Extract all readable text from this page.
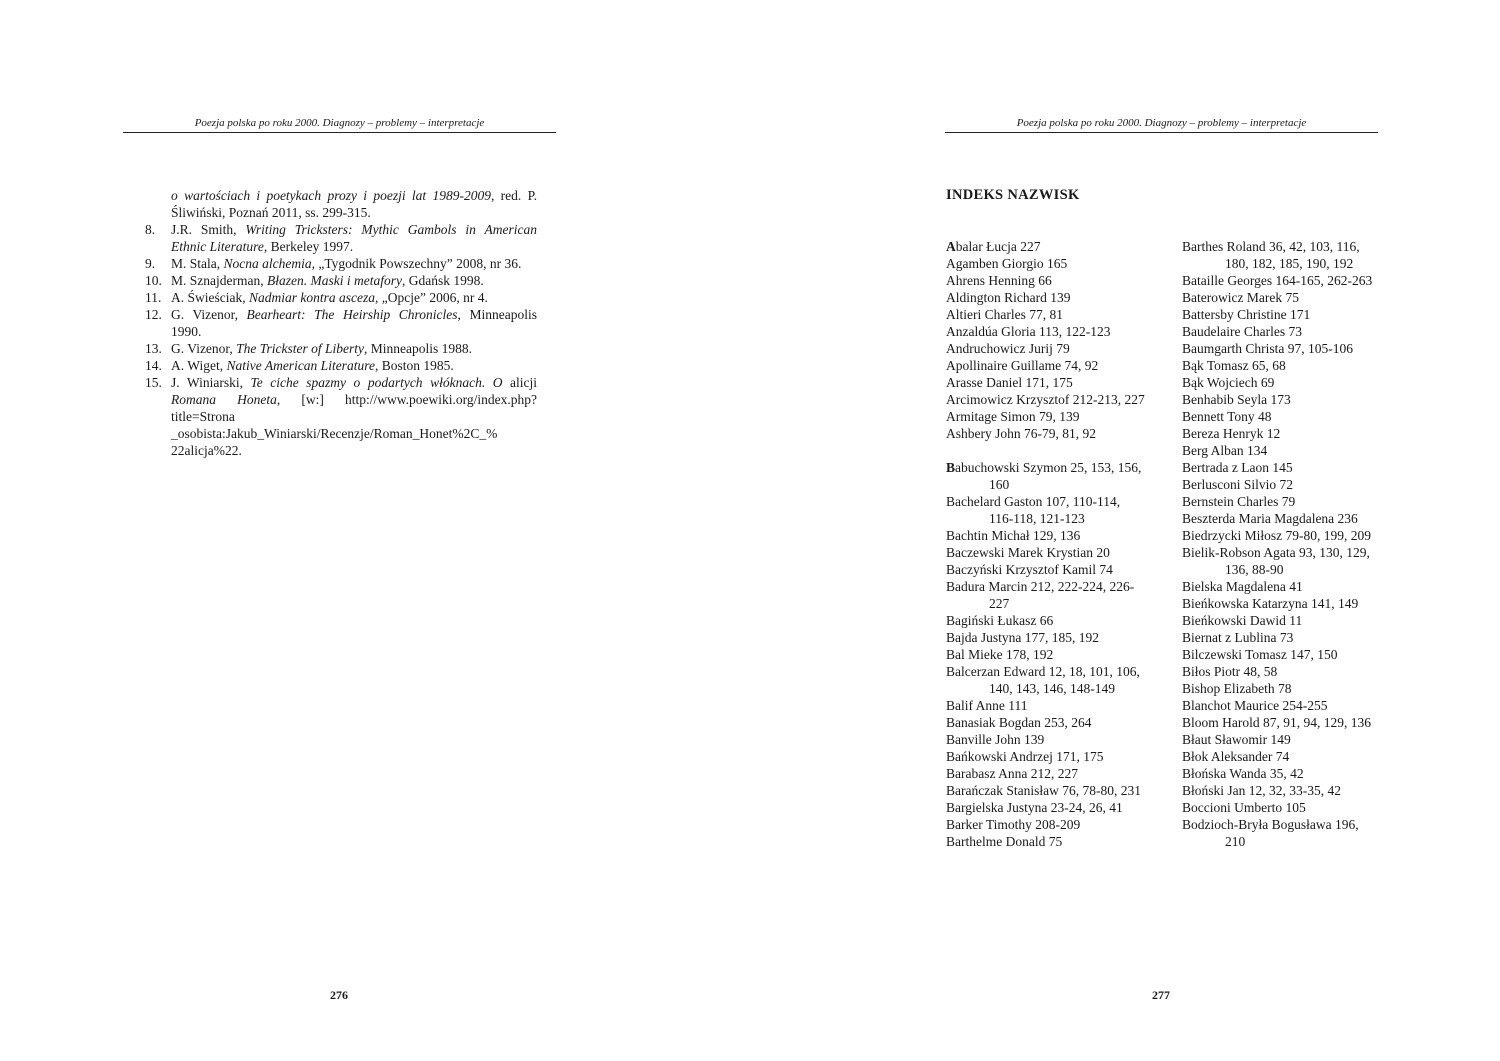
Poezja polska po roku 2000. Diagnozy – problemy – interpretacje
o wartościach i poetykach prozy i poezji lat 1989-2009, red. P. Śliwiński, Poznań 2011, ss. 299-315.
8. J.R. Smith, Writing Tricksters: Mythic Gambols in American Ethnic Literature, Berkeley 1997.
9. M. Stala, Nocna alchemia, „Tygodnik Powszechny” 2008, nr 36.
10. M. Sznajderman, Błazen. Maski i metafory, Gdańsk 1998.
11. A. Świeściak, Nadmiar kontra asceza, „Opcje” 2006, nr 4.
12. G. Vizenor, Bearheart: The Heirship Chronicles, Minneapolis 1990.
13. G. Vizenor, The Trickster of Liberty, Minneapolis 1988.
14. A. Wiget, Native American Literature, Boston 1985.
15. J. Winiarski, Te ciche spazmy o podartych włóknach. O alicji Romana Honeta, [w:] http://www.poewiki.org/index.php?title=Strona _osobista:Jakub_Winiarski/Recenzje/Roman_Honet%2C_% 22alicja%22.
276
Poezja polska po roku 2000. Diagnozy – problemy – interpretacje
INDEKS NAZWISK
Abalar Łucja 227
Agamben Giorgio 165
Ahrens Henning 66
Aldington Richard 139
Altieri Charles 77, 81
Anzaldúa Gloria 113, 122-123
Andruchowicz Jurij 79
Apollinaire Guillame 74, 92
Arasse Daniel 171, 175
Arcimowicz Krzysztof 212-213, 227
Armitage Simon 79, 139
Ashbery John 76-79, 81, 92
Babuchowski Szymon 25, 153, 156, 160
Bachelard Gaston 107, 110-114, 116-118, 121-123
Bachtin Michał 129, 136
Baczewski Marek Krystian 20
Baczyński Krzysztof Kamil 74
Badura Marcin 212, 222-224, 226-227
Bagiński Łukasz 66
Bajda Justyna 177, 185, 192
Bal Mieke 178, 192
Balcerzan Edward 12, 18, 101, 106, 140, 143, 146, 148-149
Balif Anne 111
Banasiak Bogdan 253, 264
Banville John 139
Bańkowski Andrzej 171, 175
Barabasz Anna 212, 227
Barańczak Stanisław 76, 78-80, 231
Bargielska Justyna 23-24, 26, 41
Barker Timothy 208-209
Barthelme Donald 75
Barthes Roland 36, 42, 103, 116, 180, 182, 185, 190, 192
Bataille Georges 164-165, 262-263
Baterowicz Marek 75
Battersby Christine 171
Baudelaire Charles 73
Baumgarth Christa 97, 105-106
Bąk Tomasz 65, 68
Bąk Wojciech 69
Benhabib Seyla 173
Bennett Tony 48
Bereza Henryk 12
Berg Alban 134
Bertrada z Laon 145
Berlusconi Silvio 72
Bernstein Charles 79
Beszterda Maria Magdalena 236
Biedrzycki Miłosz 79-80, 199, 209
Bielik-Robson Agata 93, 130, 129, 136, 88-90
Bielska Magdalena 41
Bieńkowska Katarzyna 141, 149
Bieńkowski Dawid 11
Biernat z Lublina 73
Bilczewski Tomasz 147, 150
Biłos Piotr 48, 58
Bishop Elizabeth 78
Blanchot Maurice 254-255
Bloom Harold 87, 91, 94, 129, 136
Błaut Sławomir 149
Błok Aleksander 74
Błońska Wanda 35, 42
Błoński Jan 12, 32, 33-35, 42
Boccioni Umberto 105
Bodzioch-Bryła Bogusława 196, 210
277
